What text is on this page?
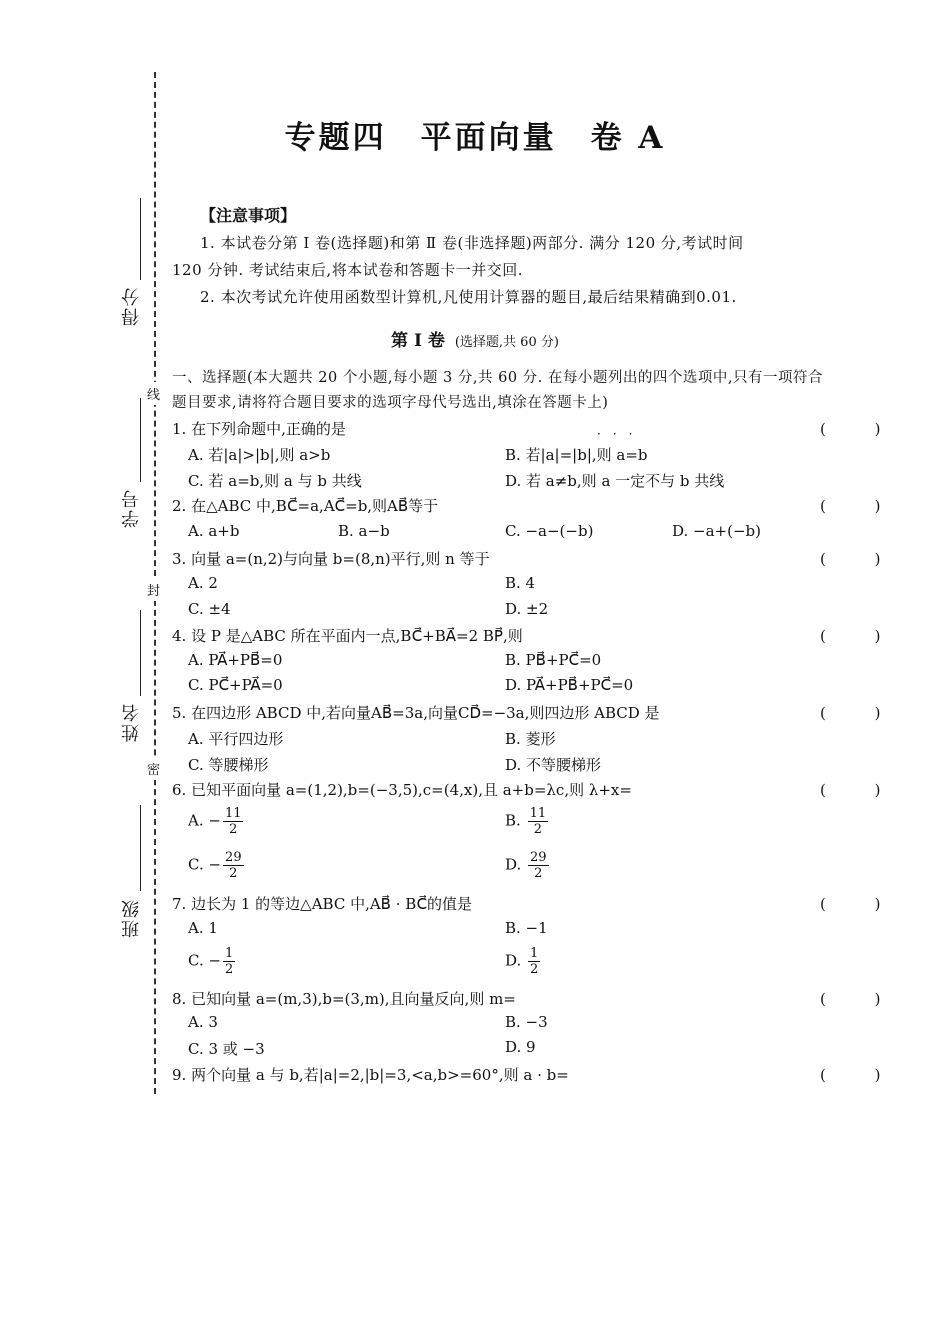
得分
学号
姓名
班级
线
封
密
专题四　平面向量　卷 A
【注意事项】
1. 本试卷分第 Ⅰ 卷(选择题)和第 Ⅱ 卷(非选择题)两部分. 满分 120 分,考试时间
120 分钟. 考试结束后,将本试卷和答题卡一并交回.
2. 本次考试允许使用函数型计算机,凡使用计算器的题目,最后结果精确到0.01.
第 Ⅰ 卷 (选择题,共 60 分)
一、选择题(本大题共 20 个小题,每小题 3 分,共 60 分. 在每小题列出的四个选项中,只有一项符合
题目要求,请将符合题目要求的选项字母代号选出,填涂在答题卡上)
···
1. 在下列命题中,正确的是	( )
A. 若|a|>|b|,则 a>b	B. 若|a|=|b|,则 a=b
C. 若 a=b,则 a 与 b 共线	D. 若 a≠b,则 a 一定不与 b 共线
2. 在△ABC 中,BC⃗=a,AC⃗=b,则AB⃗等于	( )
A. a+b	B. a−b	C. −a−(−b)	D. −a+(−b)
3. 向量 a=(n,2)与向量 b=(8,n)平行,则 n 等于	( )
A. 2	B. 4
C. ±4	D. ±2
4. 设 P 是△ABC 所在平面内一点,BC⃗+BA⃗=2 BP⃗,则	( )
A. PA⃗+PB⃗=0	B. PB⃗+PC⃗=0
C. PC⃗+PA⃗=0	D. PA⃗+PB⃗+PC⃗=0
5. 在四边形 ABCD 中,若向量AB⃗=3a,向量CD⃗=−3a,则四边形 ABCD 是	( )
A. 平行四边形	B. 菱形
C. 等腰梯形	D. 不等腰梯形
6. 已知平面向量 a=(1,2),b=(−3,5),c=(4,x),且 a+b=λc,则 λ+x=	( )
A. − $\frac{11}{2}$	B. $\frac{11}{2}$
C. − $\frac{29}{2}$	D. $\frac{29}{2}$
7. 边长为 1 的等边△ABC 中,AB⃗ · BC⃗的值是	( )
A. 1	B. −1
C. − $\frac{1}{2}$	D. $\frac{1}{2}$
8. 已知向量 a=(m,3),b=(3,m),且向量反向,则 m=	( )
A. 3	B. −3
C. 3 或 −3	D. 9
9. 两个向量 a 与 b,若|a|=2,|b|=3,<a,b>=60°,则 a · b=	( )
